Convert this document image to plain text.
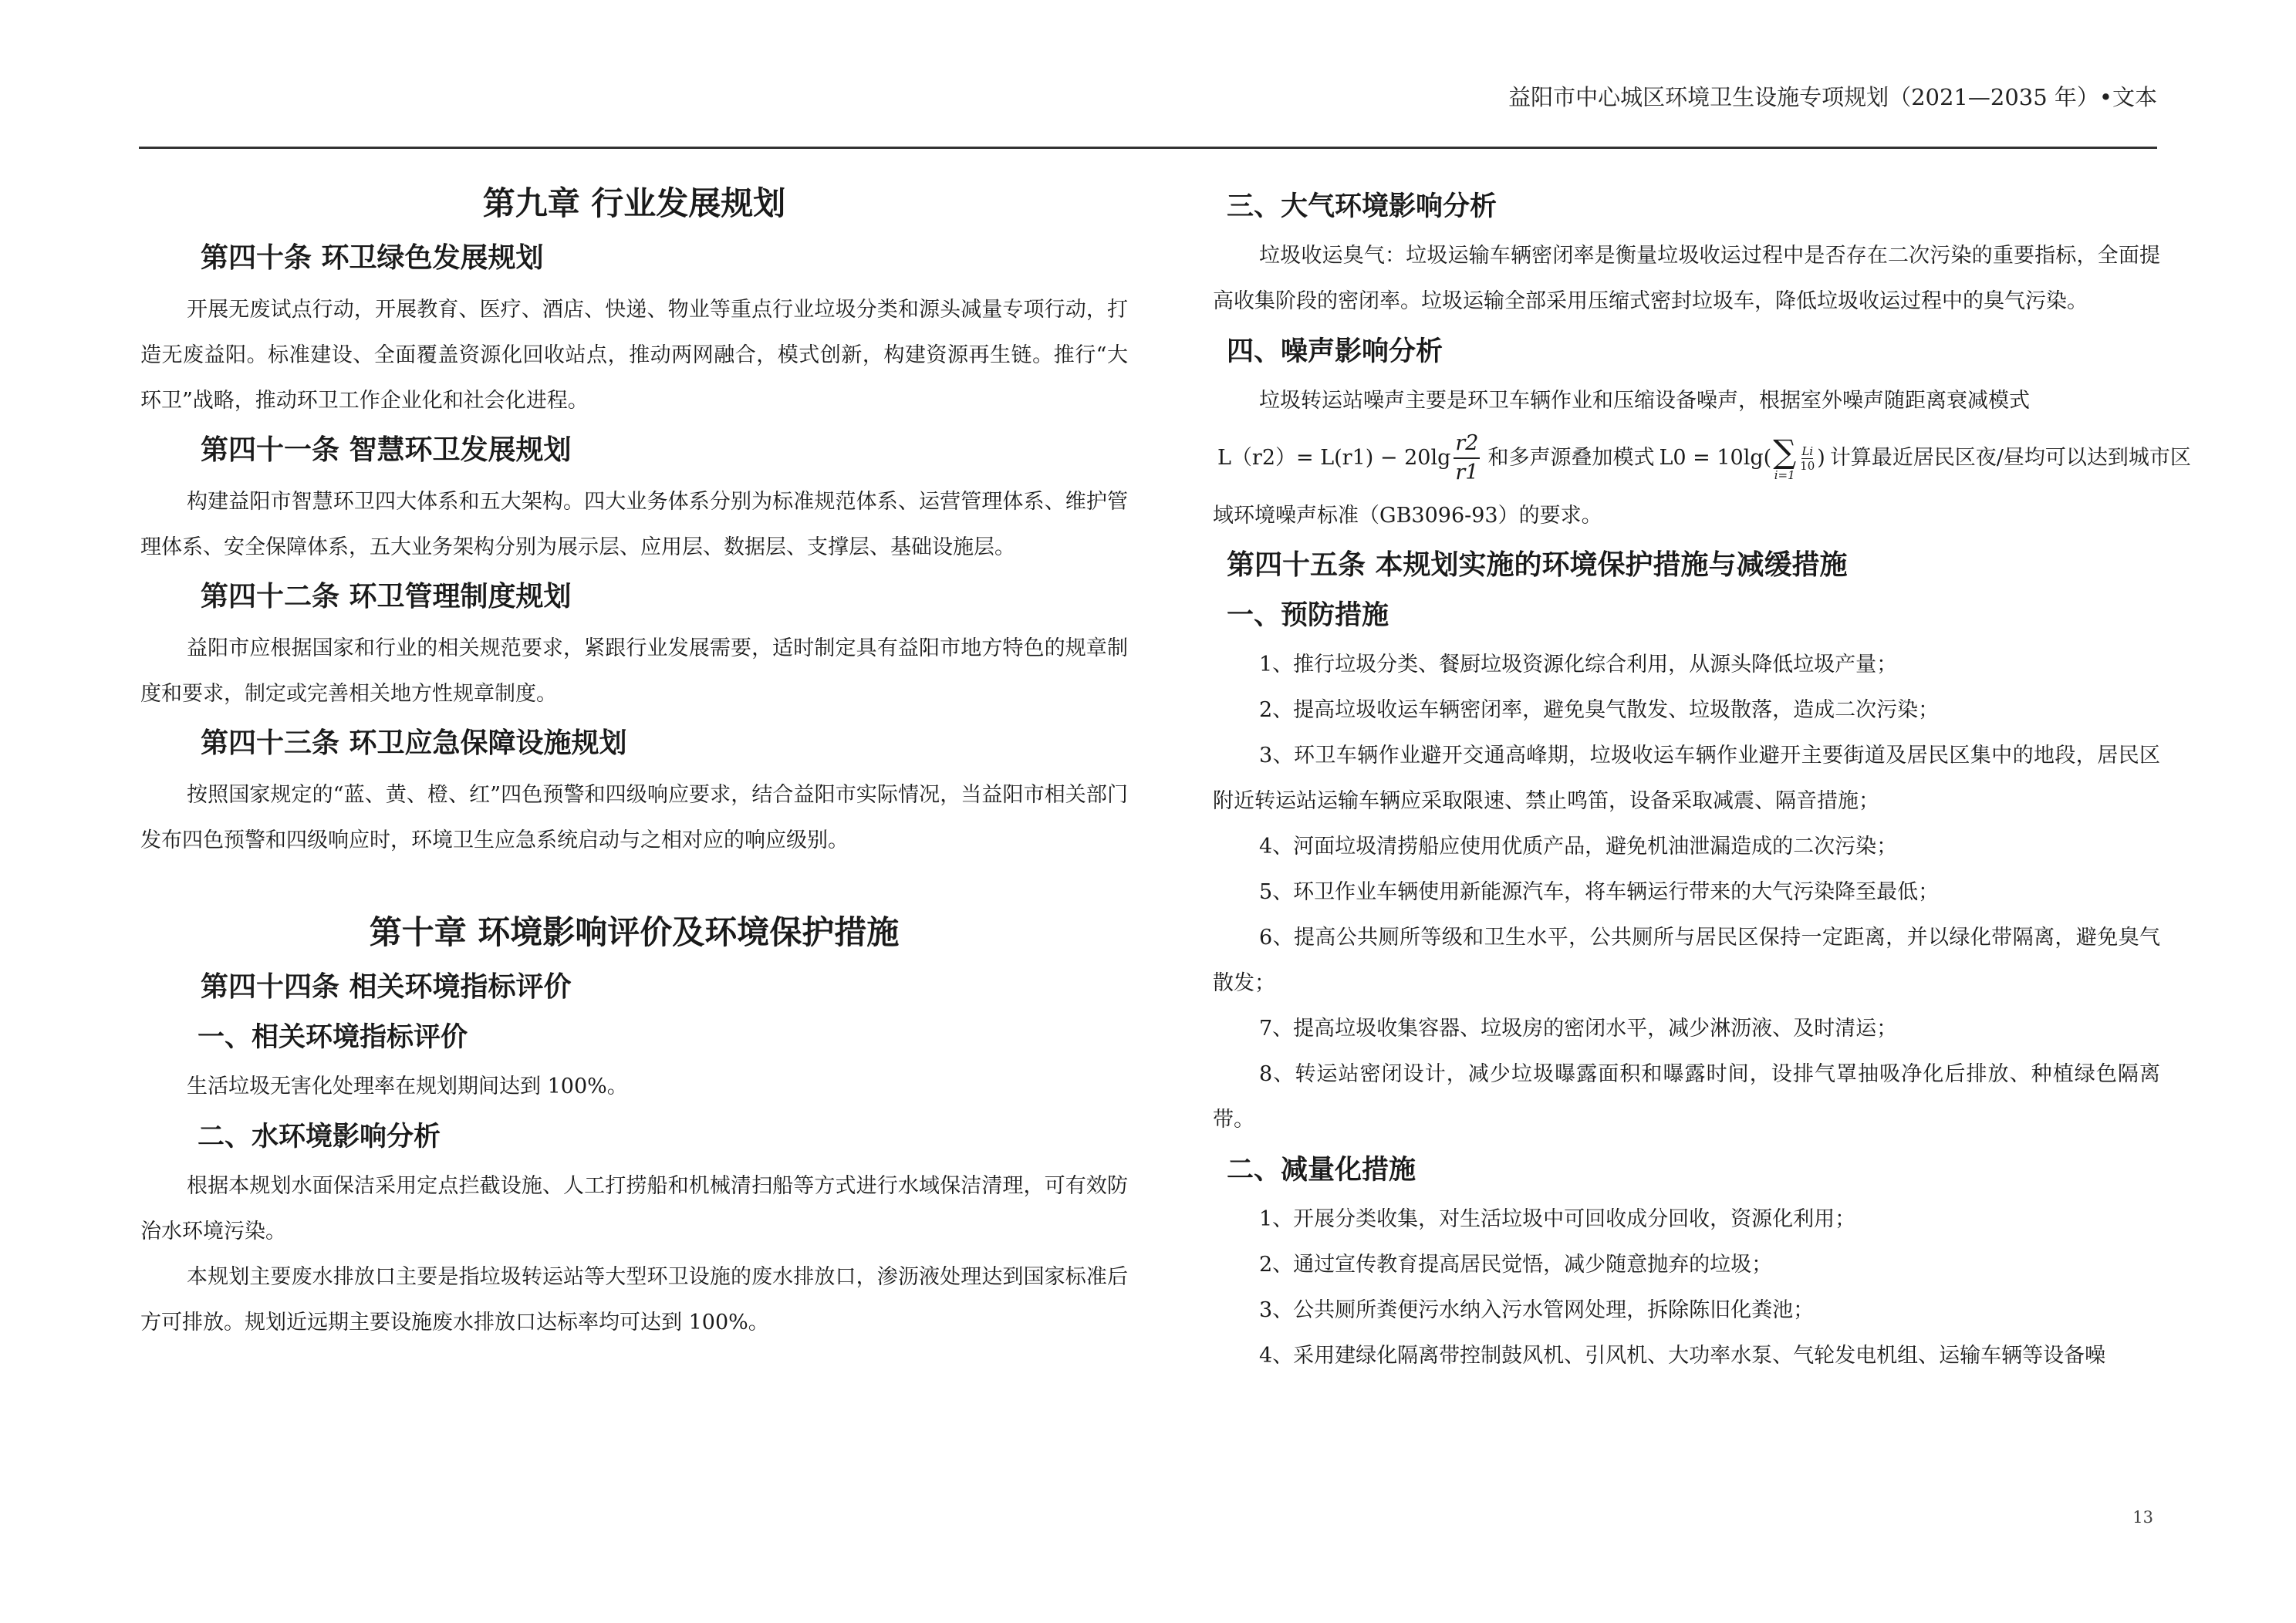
益阳市中心城区环境卫生设施专项规划（2021—2035 年）•文本
第九章 行业发展规划
第四十条 环卫绿色发展规划

开展无废试点行动，开展教育、医疗、酒店、快递、物业等重点行业垃圾分类和源头减量专项行动，打造无废益阳。标准建设、全面覆盖资源化回收站点，推动两网融合，模式创新，构建资源再生链。推行“大环卫”战略，推动环卫工作企业化和社会化进程。

第四十一条 智慧环卫发展规划

构建益阳市智慧环卫四大体系和五大架构。四大业务体系分别为标准规范体系、运营管理体系、维护管理体系、安全保障体系，五大业务架构分别为展示层、应用层、数据层、支撑层、基础设施层。

第四十二条 环卫管理制度规划

益阳市应根据国家和行业的相关规范要求，紧跟行业发展需要，适时制定具有益阳市地方特色的规章制度和要求，制定或完善相关地方性规章制度。

第四十三条 环卫应急保障设施规划

按照国家规定的“蓝、黄、橙、红”四色预警和四级响应要求，结合益阳市实际情况，当益阳市相关部门发布四色预警和四级响应时，环境卫生应急系统启动与之相对应的响应级别。

第十章 环境影响评价及环境保护措施
第四十四条 相关环境指标评价
一、相关环境指标评价

生活垃圾无害化处理率在规划期间达到 100%。

二、水环境影响分析

根据本规划水面保洁采用定点拦截设施、人工打捞船和机械清扫船等方式进行水域保洁清理，可有效防治水环境污染。

本规划主要废水排放口主要是指垃圾转运站等大型环卫设施的废水排放口，渗沥液处理达到国家标准后方可排放。规划近远期主要设施废水排放口达标率均可达到 100%。

三、大气环境影响分析

垃圾收运臭气：垃圾运输车辆密闭率是衡量垃圾收运过程中是否存在二次污染的重要指标，全面提高收集阶段的密闭率。垃圾运输全部采用压缩式密封垃圾车，降低垃圾收运过程中的臭气污染。

四、噪声影响分析

垃圾转运站噪声主要是环卫车辆作业和压缩设备噪声，根据室外噪声随距离衰减模式

$L(r2)= L(r1) - 20\lg \frac{r2}{r1}$ 和多声源叠加模式 L0 = 10lg( ∑
i=1
$\frac{Li}{10}$ ) 计算最近居民区夜/昼均可以达到城市区

域环境噪声标准（GB3096-93）的要求。

第四十五条 本规划实施的环境保护措施与减缓措施
一、预防措施

1、推行垃圾分类、餐厨垃圾资源化综合利用，从源头降低垃圾产量；

2、提高垃圾收运车辆密闭率，避免臭气散发、垃圾散落，造成二次污染；

3、环卫车辆作业避开交通高峰期，垃圾收运车辆作业避开主要街道及居民区集中的地段，居民区附近转运站运输车辆应采取限速、禁止鸣笛，设备采取减震、隔音措施；

4、河面垃圾清捞船应使用优质产品，避免机油泄漏造成的二次污染；

5、环卫作业车辆使用新能源汽车，将车辆运行带来的大气污染降至最低；

6、提高公共厕所等级和卫生水平，公共厕所与居民区保持一定距离，并以绿化带隔离，避免臭气散发；

7、提高垃圾收集容器、垃圾房的密闭水平，减少淋沥液、及时清运；

8、转运站密闭设计，减少垃圾曝露面积和曝露时间，设排气罩抽吸净化后排放、种植绿色隔离带。

二、减量化措施

1、开展分类收集，对生活垃圾中可回收成分回收，资源化利用；

2、通过宣传教育提高居民觉悟，减少随意抛弃的垃圾；

3、公共厕所粪便污水纳入污水管网处理，拆除陈旧化粪池；

4、采用建绿化隔离带控制鼓风机、引风机、大功率水泵、气轮发电机组、运输车辆等设备噪

13
